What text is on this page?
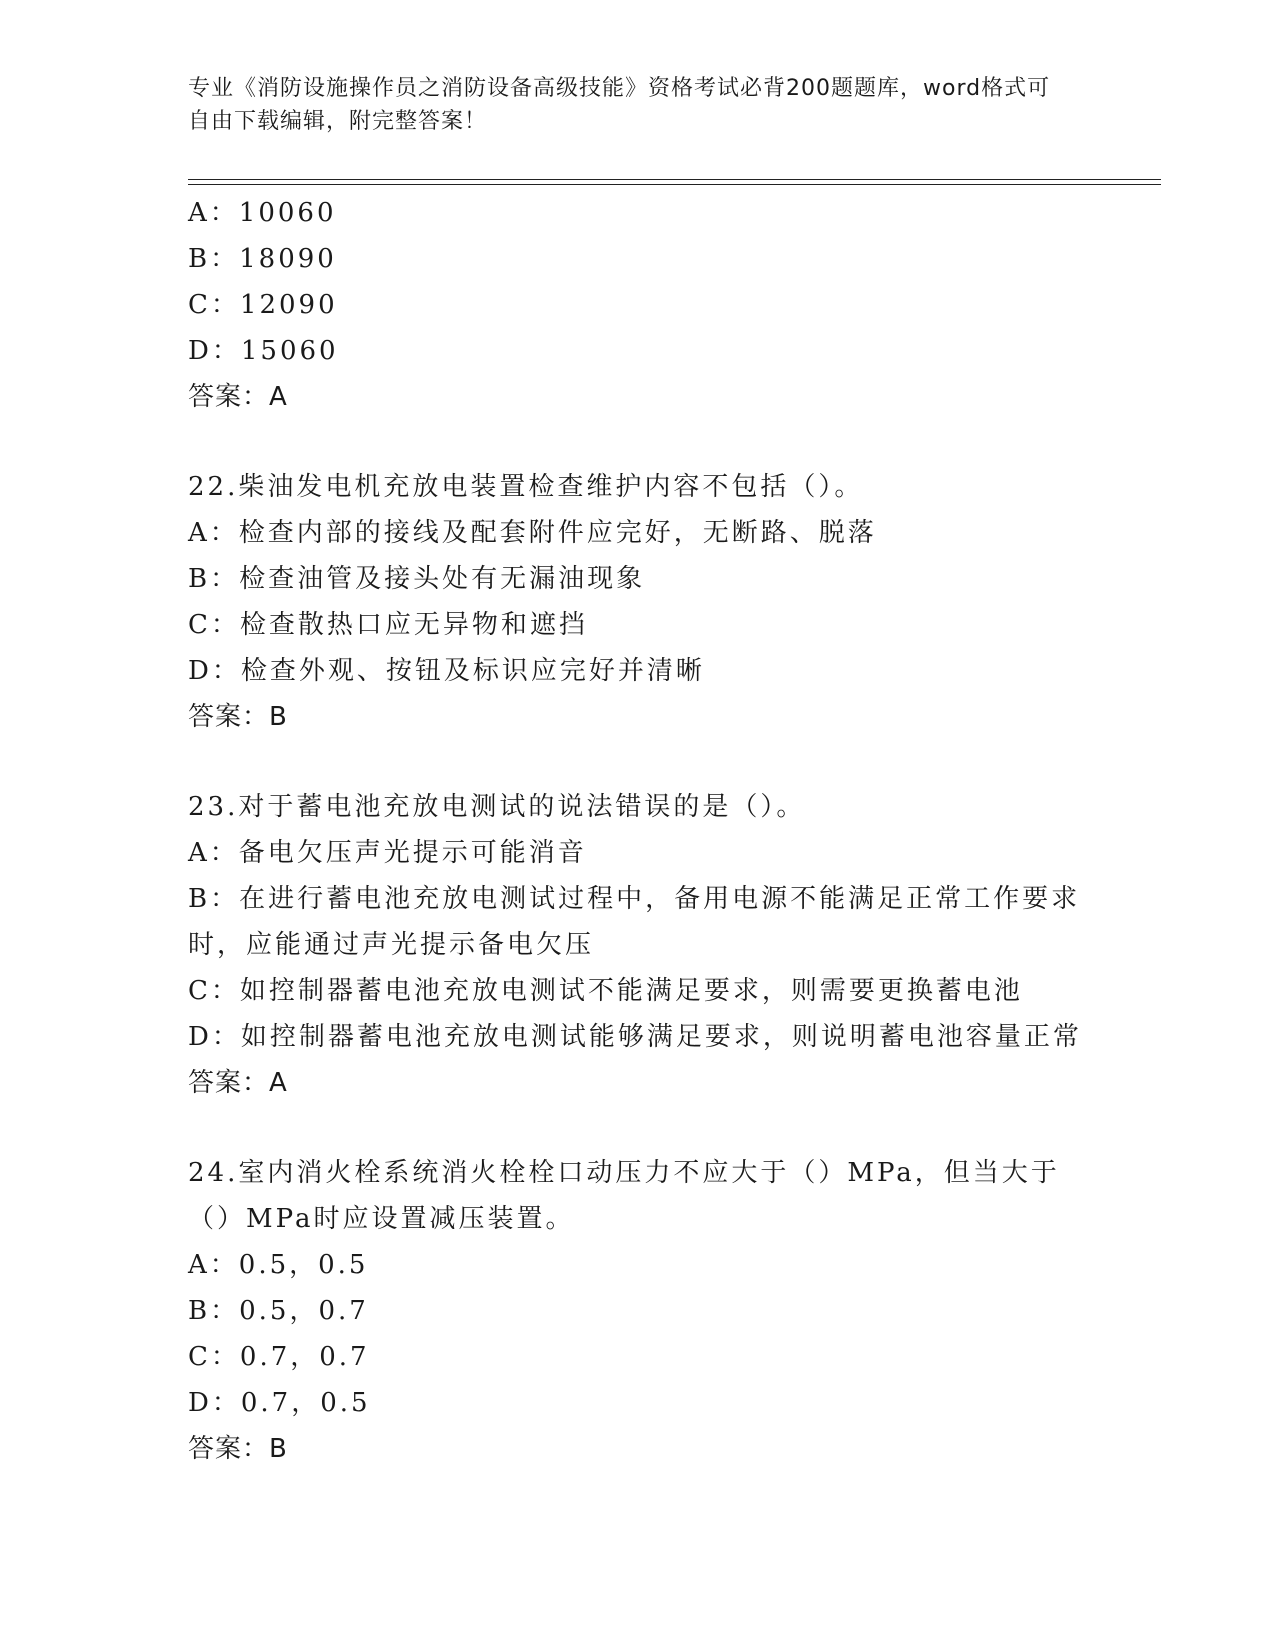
专业《消防设施操作员之消防设备高级技能》资格考试必背200题题库，word格式可自由下载编辑，附完整答案！
A：10060
B：18090
C：12090
D：15060
答案：A
22.柴油发电机充放电装置检查维护内容不包括（）。
A：检查内部的接线及配套附件应完好，无断路、脱落
B：检查油管及接头处有无漏油现象
C：检查散热口应无异物和遮挡
D：检查外观、按钮及标识应完好并清晰
答案：B
23.对于蓄电池充放电测试的说法错误的是（）。
A：备电欠压声光提示可能消音
B：在进行蓄电池充放电测试过程中，备用电源不能满足正常工作要求时，应能通过声光提示备电欠压
C：如控制器蓄电池充放电测试不能满足要求，则需要更换蓄电池
D：如控制器蓄电池充放电测试能够满足要求，则说明蓄电池容量正常
答案：A
24.室内消火栓系统消火栓栓口动压力不应大于（）MPa，但当大于（）MPa时应设置减压装置。
A：0.5，0.5
B：0.5，0.7
C：0.7，0.7
D：0.7，0.5
答案：B
